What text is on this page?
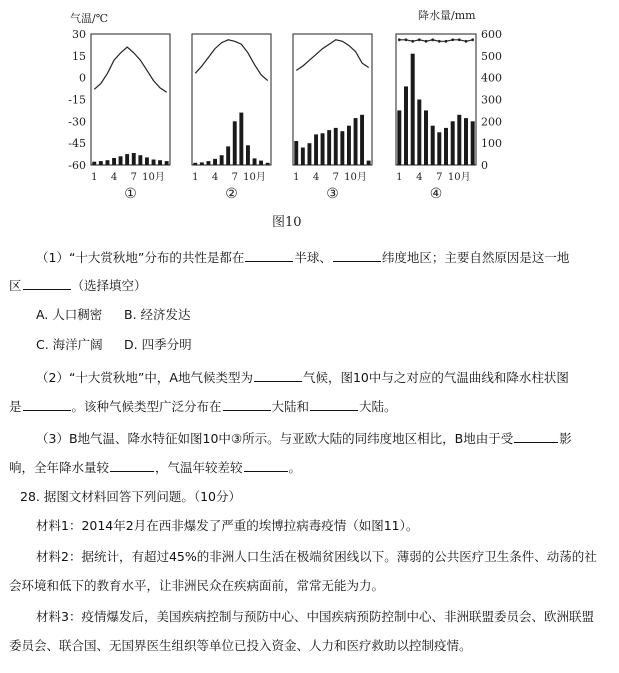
气温/℃	降水量/mm
30
15
0
-15
-30
-45
-60
600
500
400
300
200
100
0
1 4 7 10月
①
1 4 7 10月
②
1 4 7 10月
③
1 4 7 10月
④
图10
（1）“十大赏秋地”分布的共性是都在	半球、	纬度地区；主要自然原因是这一地
区	（选择填空）
A. 人口稠密 B. 经济发达
C. 海洋广阔 D. 四季分明
（2）“十大赏秋地”中，A地气候类型为	气候，图10中与之对应的气温曲线和降水柱状图
是	。该种气候类型广泛分布在	大陆和	大陆。
（3）B地气温、降水特征如图10中③所示。与亚欧大陆的同纬度地区相比，B地由于受	影
响，全年降水量较	，气温年较差较	。
28. 据图文材料回答下列问题。（10分）
材料1：2014年2月在西非爆发了严重的埃博拉病毒疫情（如图11）。
材料2：据统计，有超过45%的非洲人口生活在极端贫困线以下。薄弱的公共医疗卫生条件、动荡的社
会环境和低下的教育水平，让非洲民众在疾病面前，常常无能为力。
材料3：疫情爆发后，美国疾病控制与预防中心、中国疾病预防控制中心、非洲联盟委员会、欧洲联盟
委员会、联合国、无国界医生组织等单位已投入资金、人力和医疗救助以控制疫情。
